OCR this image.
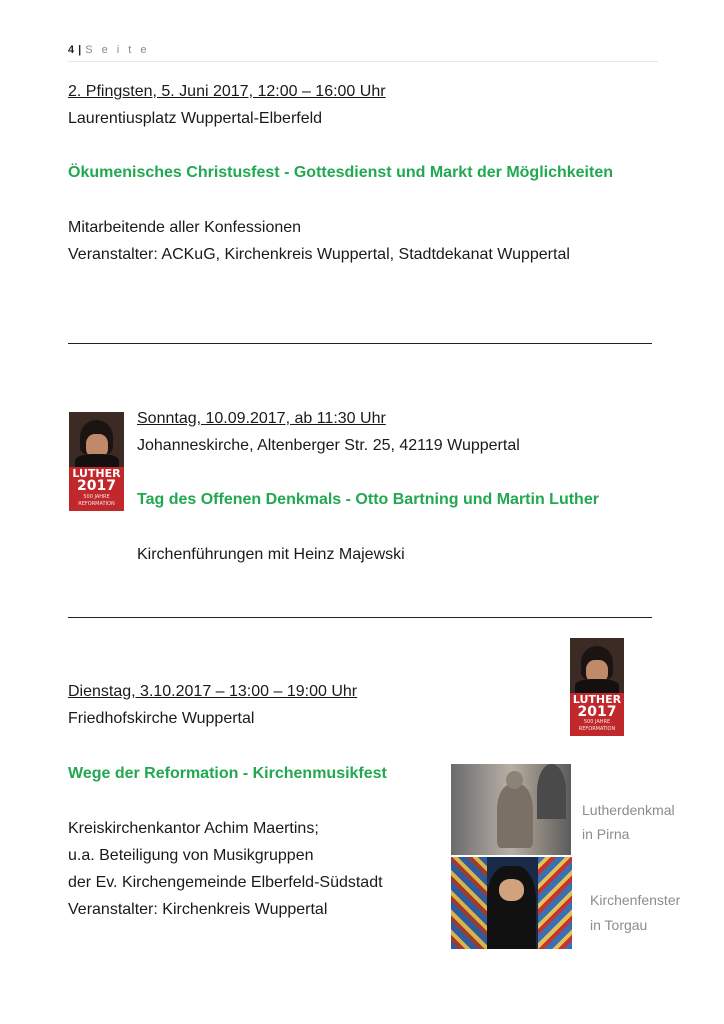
4 | S e i t e
2. Pfingsten, 5. Juni 2017, 12:00 – 16:00 Uhr
Laurentiusplatz Wuppertal-Elberfeld
Ökumenisches Christusfest - Gottesdienst und Markt der Möglichkeiten
Mitarbeitende aller Konfessionen
Veranstalter: ACKuG, Kirchenkreis Wuppertal, Stadtdekanat Wuppertal
LUTHER
2017
500 JAHRE
REFORMATION
Sonntag, 10.09.2017, ab 11:30 Uhr
Johanneskirche, Altenberger Str. 25, 42119 Wuppertal
Tag des Offenen Denkmals - Otto Bartning und Martin Luther
Kirchenführungen mit Heinz Majewski
LUTHER
2017
500 JAHRE
REFORMATION
Dienstag, 3.10.2017 – 13:00 – 19:00 Uhr
Friedhofskirche Wuppertal
Wege der Reformation - Kirchenmusikfest
Kreiskirchenkantor Achim Maertins;
u.a. Beteiligung von Musikgruppen
der Ev. Kirchengemeinde Elberfeld-Südstadt
Veranstalter: Kirchenkreis Wuppertal
Lutherdenkmal
in Pirna
Kirchenfenster
in Torgau
